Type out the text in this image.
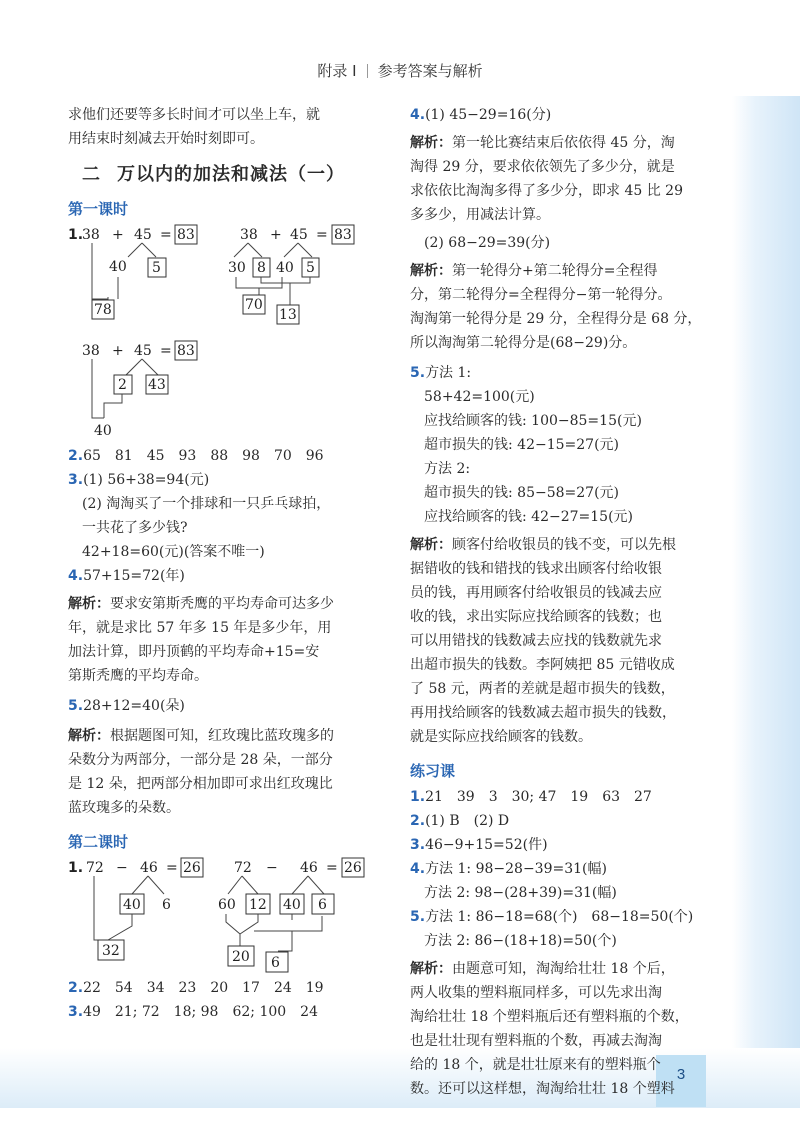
3
附录 I 参考答案与解析

求他们还要等多长时间才可以坐上车，就

用结束时刻减去开始时刻即可。

二 万以内的加法和减法（一）
第一课时
1.
38 + 45 = 83
40 5
78
38 + 45 = 83
30 8 40 5
70
13
38 + 45 = 83
2 43
40

2.65　81　45　93　88　98　70　96

3.(1) 56+38=94(元)

(2) 淘淘买了一个排球和一只乒乓球拍，

一共花了多少钱?

42+18=60(元)(答案不唯一)

4.57+15=72(年)

解析：要求安第斯秃鹰的平均寿命可达多少

年，就是求比 57 年多 15 年是多少年，用

加法计算，即丹顶鹤的平均寿命+15=安

第斯秃鹰的平均寿命。

5.28+12=40(朵)

解析：根据题图可知，红玫瑰比蓝玫瑰多的

朵数分为两部分，一部分是 28 朵，一部分

是 12 朵，把两部分相加即可求出红玫瑰比

蓝玫瑰多的朵数。

第二课时
1. 72 − 46 = 26
40 6
32
72 − 46 = 26
60 12 40 6
20 6

2.22　54　34　23　20　17　24　19

3.49　21; 72　18; 98　62; 100　24

4.(1) 45−29=16(分)

解析：第一轮比赛结束后依依得 45 分，淘

淘得 29 分，要求依依领先了多少分，就是

求依依比淘淘多得了多少分，即求 45 比 29

多多少，用减法计算。

(2) 68−29=39(分)

解析：第一轮得分+第二轮得分=全程得

分，第二轮得分=全程得分−第一轮得分。

淘淘第一轮得分是 29 分，全程得分是 68 分，

所以淘淘第二轮得分是(68−29)分。

5.方法 1:

58+42=100(元)

应找给顾客的钱: 100−85=15(元)

超市损失的钱: 42−15=27(元)

方法 2:

超市损失的钱: 85−58=27(元)

应找给顾客的钱: 42−27=15(元)

解析：顾客付给收银员的钱不变，可以先根

据错收的钱和错找的钱求出顾客付给收银

员的钱，再用顾客付给收银员的钱减去应

收的钱，求出实际应找给顾客的钱数；也

可以用错找的钱数减去应找的钱数就先求

出超市损失的钱数。李阿姨把 85 元错收成

了 58 元，两者的差就是超市损失的钱数，

再用找给顾客的钱数减去超市损失的钱数，

就是实际应找给顾客的钱数。

练习课

1.21　39　3　30; 47　19　63　27

2.(1) B　(2) D

3.46−9+15=52(件)

4.方法 1: 98−28−39=31(幅)

方法 2: 98−(28+39)=31(幅)

5.方法 1: 86−18=68(个)　68−18=50(个)

方法 2: 86−(18+18)=50(个)

解析：由题意可知，淘淘给壮壮 18 个后，

两人收集的塑料瓶同样多，可以先求出淘

淘给壮壮 18 个塑料瓶后还有塑料瓶的个数，

也是壮壮现有塑料瓶的个数，再减去淘淘

给的 18 个，就是壮壮原来有的塑料瓶个

数。还可以这样想，淘淘给壮壮 18 个塑料
